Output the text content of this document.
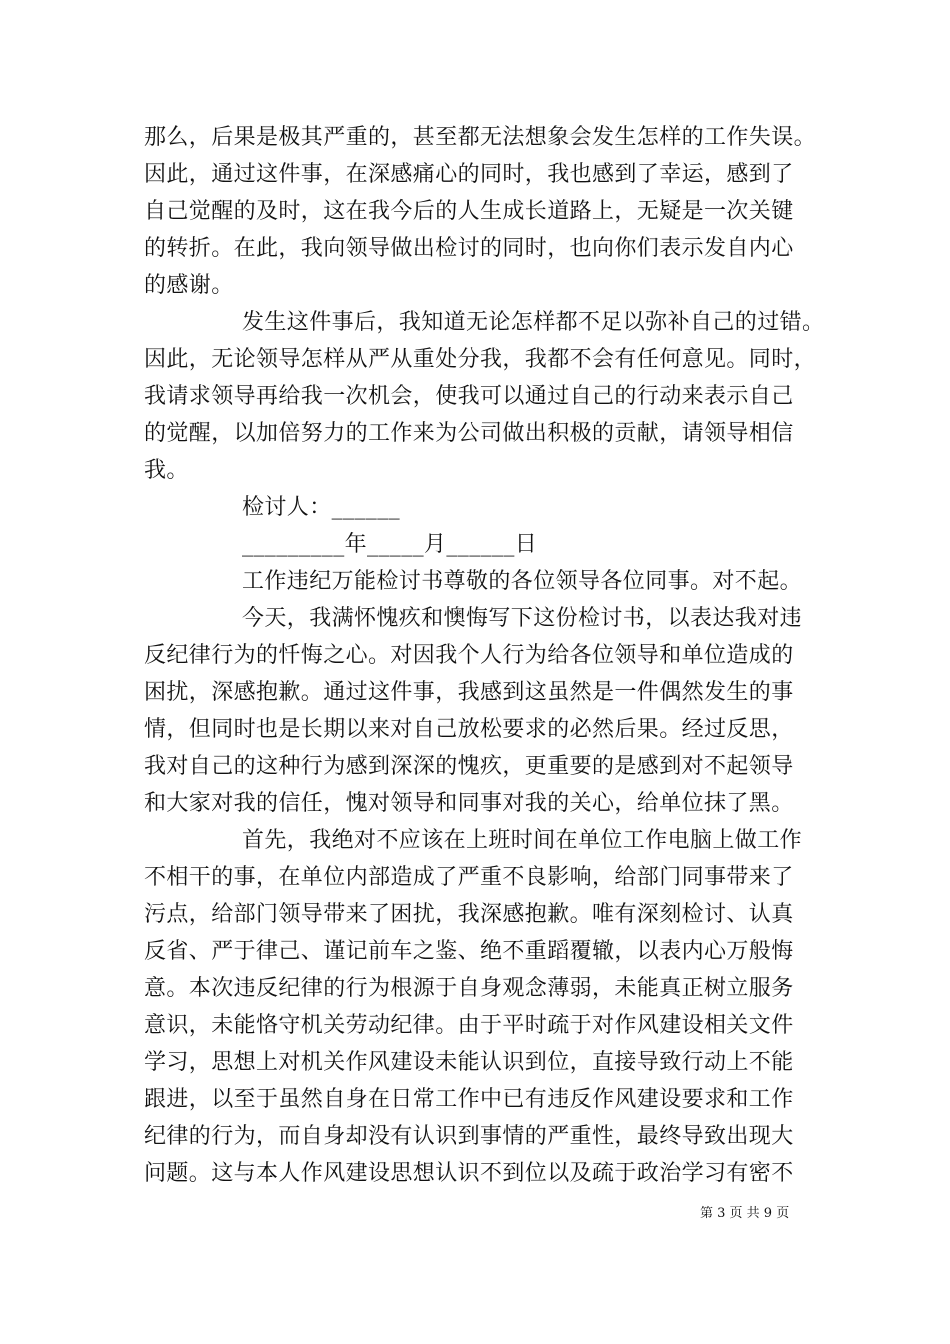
那么，后果是极其严重的，甚至都无法想象会发生怎样的工作失误。
因此，通过这件事，在深感痛心的同时，我也感到了幸运，感到了
自己觉醒的及时，这在我今后的人生成长道路上，无疑是一次关键
的转折。在此，我向领导做出检讨的同时，也向你们表示发自内心
的感谢。
发生这件事后，我知道无论怎样都不足以弥补自己的过错。
因此，无论领导怎样从严从重处分我，我都不会有任何意见。同时，
我请求领导再给我一次机会，使我可以通过自己的行动来表示自己
的觉醒，以加倍努力的工作来为公司做出积极的贡献，请领导相信
我。
检讨人：______
_________年_____月______日
工作违纪万能检讨书尊敬的各位领导各位同事。对不起。
今天，我满怀愧疚和懊悔写下这份检讨书，以表达我对违
反纪律行为的忏悔之心。对因我个人行为给各位领导和单位造成的
困扰，深感抱歉。通过这件事，我感到这虽然是一件偶然发生的事
情，但同时也是长期以来对自己放松要求的必然后果。经过反思，
我对自己的这种行为感到深深的愧疚，更重要的是感到对不起领导
和大家对我的信任，愧对领导和同事对我的关心，给单位抹了黑。
首先，我绝对不应该在上班时间在单位工作电脑上做工作
不相干的事，在单位内部造成了严重不良影响，给部门同事带来了
污点，给部门领导带来了困扰，我深感抱歉。唯有深刻检讨、认真
反省、严于律己、谨记前车之鉴、绝不重蹈覆辙，以表内心万般悔
意。本次违反纪律的行为根源于自身观念薄弱，未能真正树立服务
意识，未能恪守机关劳动纪律。由于平时疏于对作风建设相关文件
学习，思想上对机关作风建设未能认识到位，直接导致行动上不能
跟进，以至于虽然自身在日常工作中已有违反作风建设要求和工作
纪律的行为，而自身却没有认识到事情的严重性，最终导致出现大
问题。这与本人作风建设思想认识不到位以及疏于政治学习有密不
第 3 页 共 9 页
